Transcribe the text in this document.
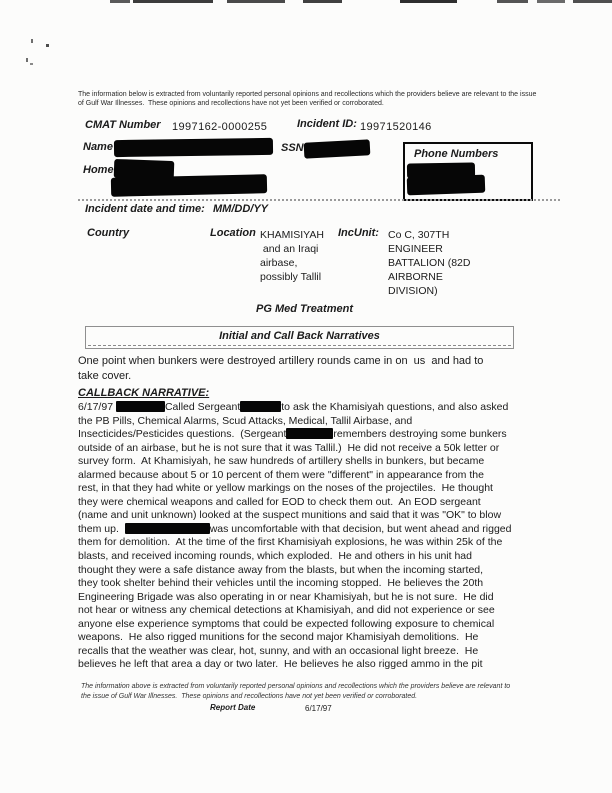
The information below is extracted from voluntarily reported personal opinions and recollections which the providers believe are relevant to the issue
of Gulf War Illnesses.  These opinions and recollections have not yet been verified or corroborated.
CMAT Number 1997162-0000255	Incident ID: 19971520146
Name	SSN	Phone Numbers
Home
Incident date and time: MM/DD/YY
Country	Location KHAMISIYAH
and an Iraqi
airbase,
possibly Tallil
IncUnit: Co C, 307TH
ENGINEER
BATTALION (82D
AIRBORNE
DIVISION)
PG Med Treatment
Initial and Call Back Narratives
One point when bunkers were destroyed artillery rounds came in on  us  and had to
take cover.
CALLBACK NARRATIVE:
6/17/97	Called Sergeant	to ask the Khamisiyah questions, and also asked
the PB Pills, Chemical Alarms, Scud Attacks, Medical, Tallil Airbase, and
Insecticides/Pesticides questions.  (Sergeant	remembers destroying some bunkers
outside of an airbase, but he is not sure that it was Tallil.)  He did not receive a 50k letter or
survey form.  At Khamisiyah, he saw hundreds of artillery shells in bunkers, but became
alarmed because about 5 or 10 percent of them were "different" in appearance from the
rest, in that they had white or yellow markings on the noses of the projectiles.  He thought
they were chemical weapons and called for EOD to check them out.  An EOD sergeant
(name and unit unknown) looked at the suspect munitions and said that it was "OK" to blow
them up.	was uncomfortable with that decision, but went ahead and rigged
them for demolition.  At the time of the first Khamisiyah explosions, he was within 25k of the
blasts, and received incoming rounds, which exploded.  He and others in his unit had
thought they were a safe distance away from the blasts, but when the incoming started,
they took shelter behind their vehicles until the incoming stopped.  He believes the 20th
Engineering Brigade was also operating in or near Khamisiyah, but he is not sure.  He did
not hear or witness any chemical detections at Khamisiyah, and did not experience or see
anyone else experience symptoms that could be expected following exposure to chemical
weapons.  He also rigged munitions for the second major Khamisiyah demolitions.  He
recalls that the weather was clear, hot, sunny, and with an occasional light breeze.  He
believes he left that area a day or two later.  He believes he also rigged ammo in the pit
The information above is extracted from voluntarily reported personal opinions and recollections which the providers believe are relevant to
the issue of Gulf War Illnesses.  These opinions and recollections have not yet been verified or corroborated.
Report Date	6/17/97
